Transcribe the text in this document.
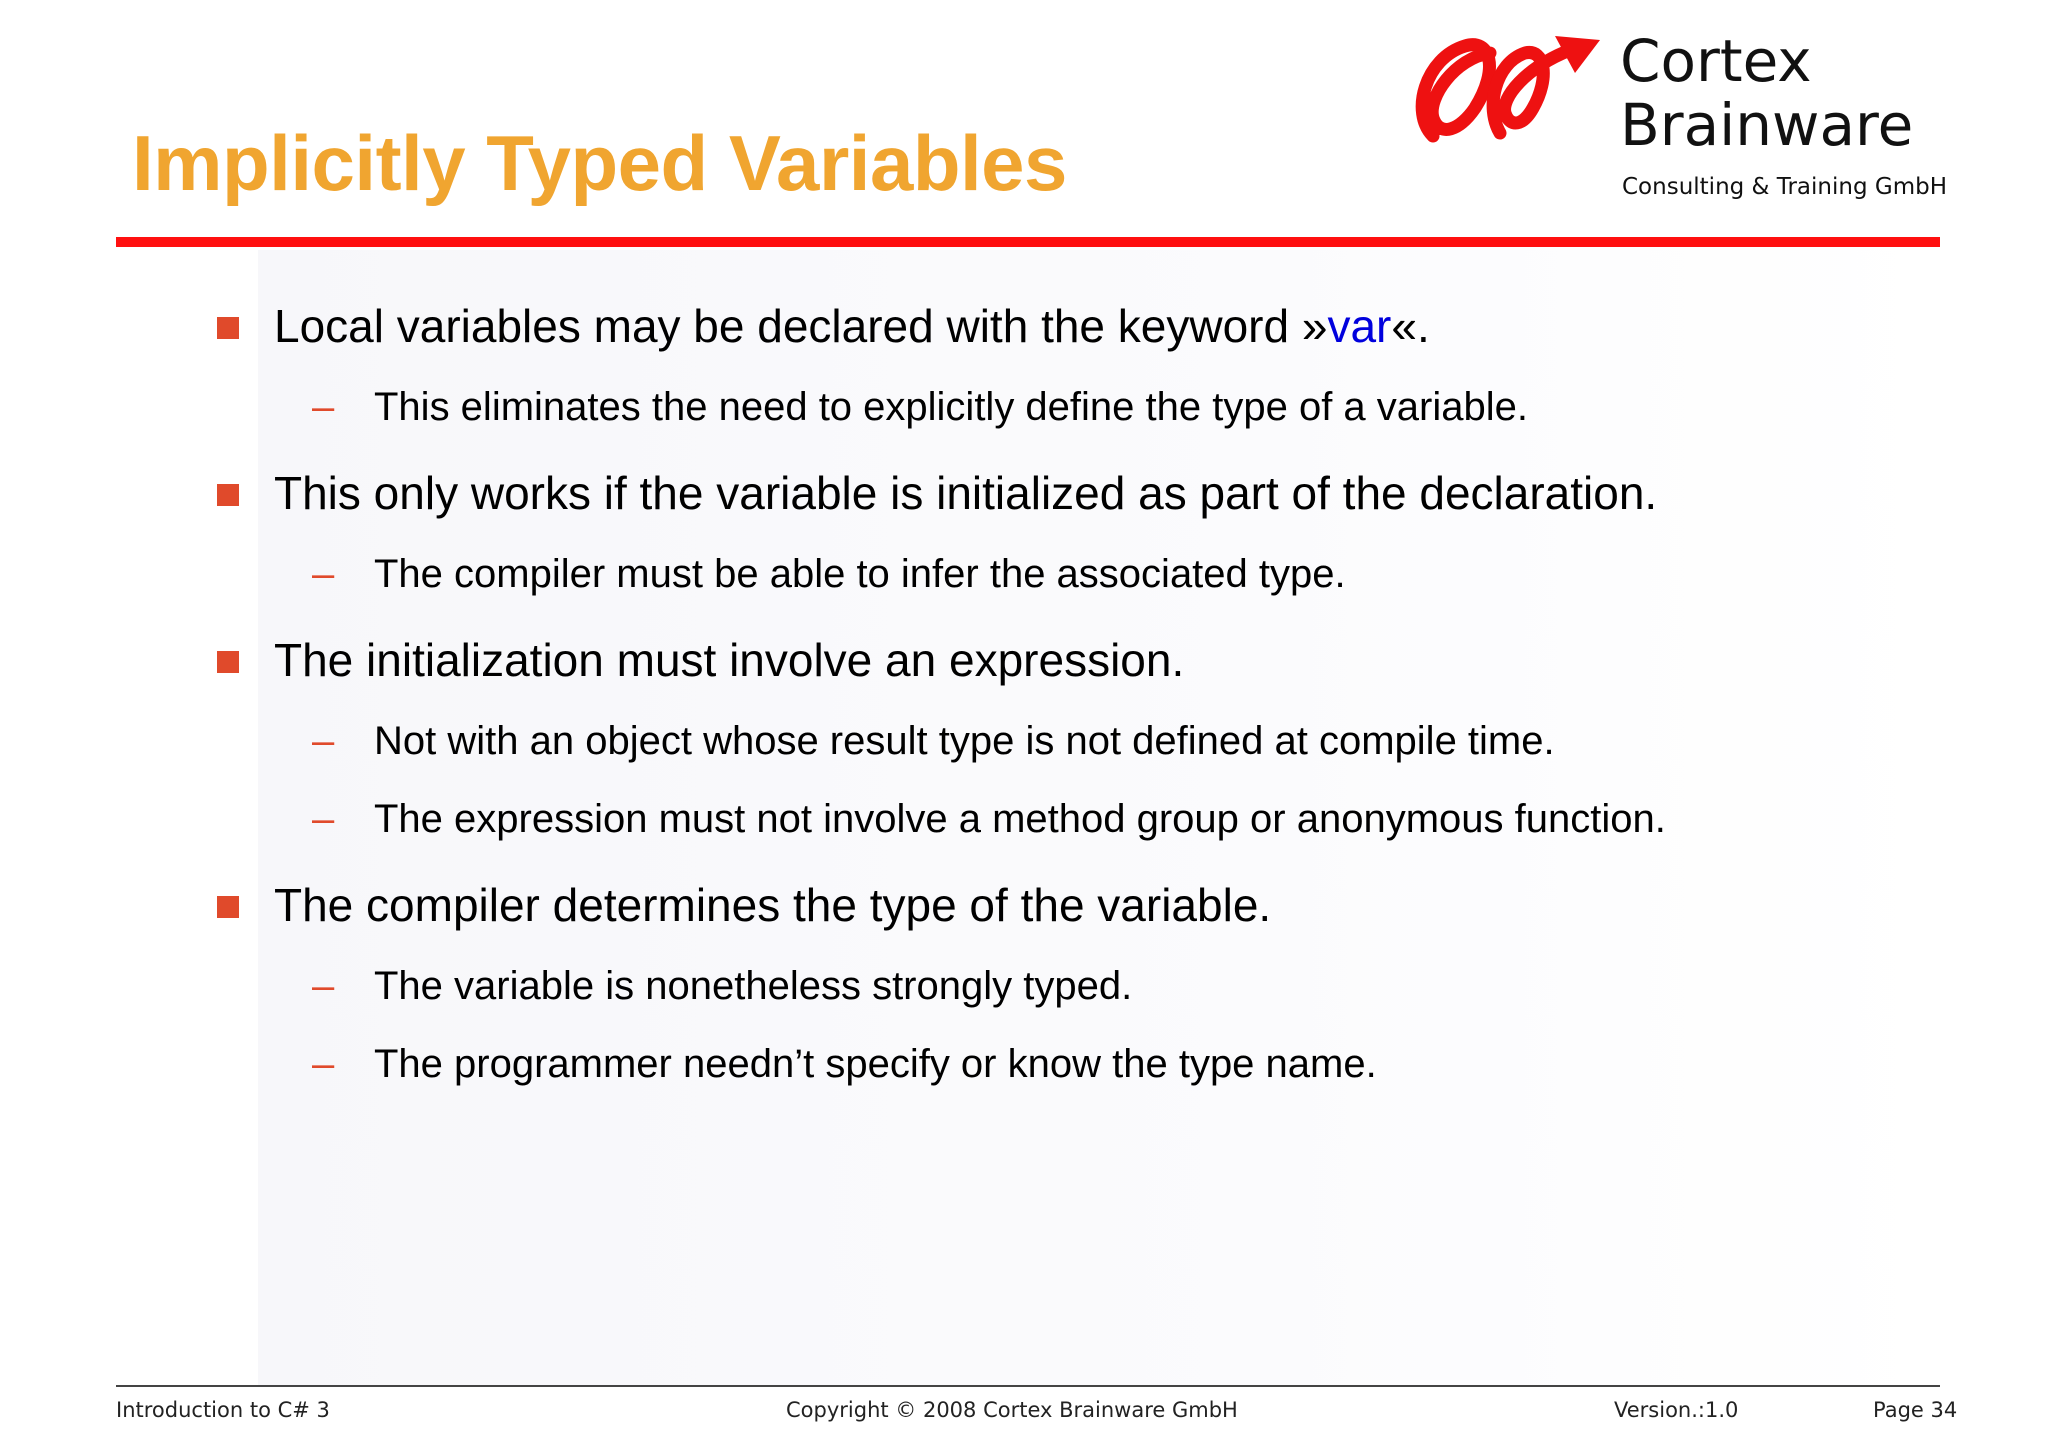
Implicitly Typed Variables
Cortex
Brainware
Consulting & Training GmbH
Local variables may be declared with the keyword »var«.
– This eliminates the need to explicitly define the type of a variable.
This only works if the variable is initialized as part of the declaration.
– The compiler must be able to infer the associated type.
The initialization must involve an expression.
– Not with an object whose result type is not defined at compile time.
– The expression must not involve a method group or anonymous function.
The compiler determines the type of the variable.
– The variable is nonetheless strongly typed.
– The programmer needn’t specify or know the type name.
Introduction to C# 3	Copyright © 2008 Cortex Brainware GmbH	Version.:1.0	Page 34
